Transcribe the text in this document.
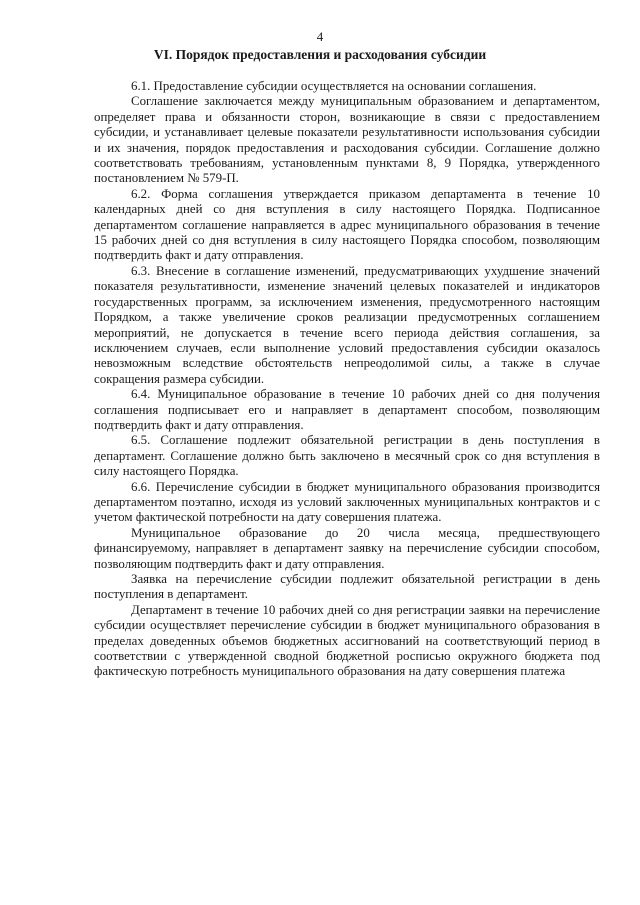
4
VI. Порядок предоставления и расходования субсидии

6.1. Предоставление субсидии осуществляется на основании соглашения.

Соглашение заключается между муниципальным образованием и департаментом, определяет права и обязанности сторон, возникающие в связи с предоставлением субсидии, и устанавливает целевые показатели результативности использования субсидии и их значения, порядок предоставления и расходования субсидии. Соглашение должно соответствовать требованиям, установленным пунктами 8, 9 Порядка, утвержденного постановлением № 579-П.

6.2. Форма соглашения утверждается приказом департамента в течение 10 календарных дней со дня вступления в силу настоящего Порядка. Подписанное департаментом соглашение направляется в адрес муниципального образования в течение 15 рабочих дней со дня вступления в силу настоящего Порядка способом, позволяющим подтвердить факт и дату отправления.

6.3. Внесение в соглашение изменений, предусматривающих ухудшение значений показателя результативности, изменение значений целевых показателей и индикаторов государственных программ, за исключением изменения, предусмотренного настоящим Порядком, а также увеличение сроков реализации предусмотренных соглашением мероприятий, не допускается в течение всего периода действия соглашения, за исключением случаев, если выполнение условий предоставления субсидии оказалось невозможным вследствие обстоятельств непреодолимой силы, а также в случае сокращения размера субсидии.

6.4. Муниципальное образование в течение 10 рабочих дней со дня получения соглашения подписывает его и направляет в департамент способом, позволяющим подтвердить факт и дату отправления.

6.5. Соглашение подлежит обязательной регистрации в день поступления в департамент. Соглашение должно быть заключено в месячный срок со дня вступления в силу настоящего Порядка.

6.6. Перечисление субсидии в бюджет муниципального образования производится департаментом поэтапно, исходя из условий заключенных муниципальных контрактов и с учетом фактической потребности на дату совершения платежа.

Муниципальное образование до 20 числа месяца, предшествующего финансируемому, направляет в департамент заявку на перечисление субсидии способом, позволяющим подтвердить факт и дату отправления.

Заявка на перечисление субсидии подлежит обязательной регистрации в день поступления в департамент.

Департамент в течение 10 рабочих дней со дня регистрации заявки на перечисление субсидии осуществляет перечисление субсидии в бюджет муниципального образования в пределах доведенных объемов бюджетных ассигнований на соответствующий период в соответствии с утвержденной сводной бюджетной росписью окружного бюджета под фактическую потребность муниципального образования на дату совершения платежа
